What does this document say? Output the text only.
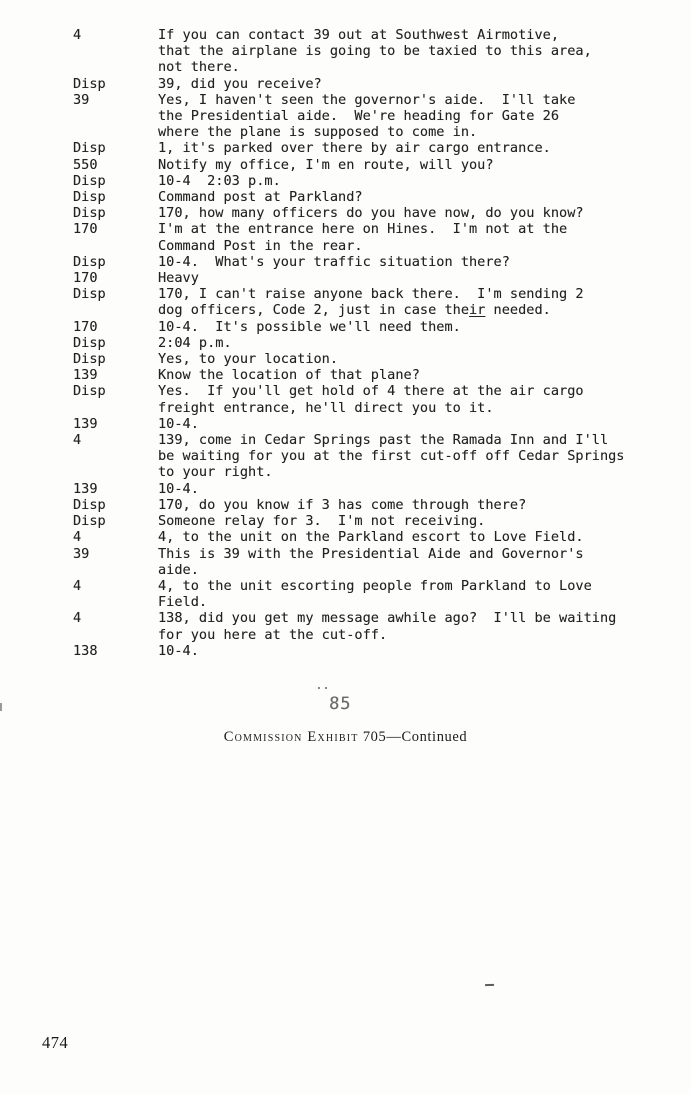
4	If you can contact 39 out at Southwest Airmotive,
that the airplane is going to be taxied to this area,
not there.
Disp	39, did you receive?
39	Yes, I haven't seen the governor's aide.  I'll take
the Presidential aide.  We're heading for Gate 26
where the plane is supposed to come in.
Disp	1, it's parked over there by air cargo entrance.
550	Notify my office, I'm en route, will you?
Disp	10-4  2:03 p.m.
Disp	Command post at Parkland?
Disp	170, how many officers do you have now, do you know?
170	I'm at the entrance here on Hines.  I'm not at the
Command Post in the rear.
Disp	10-4.  What's your traffic situation there?
170	Heavy
Disp	170, I can't raise anyone back there.  I'm sending 2
dog officers, Code 2, just in case their needed.
170	10-4.  It's possible we'll need them.
Disp	2:04 p.m.
Disp	Yes, to your location.
139	Know the location of that plane?
Disp	Yes.  If you'll get hold of 4 there at the air cargo
freight entrance, he'll direct you to it.
139	10-4.
4	139, come in Cedar Springs past the Ramada Inn and I'll
be waiting for you at the first cut-off off Cedar Springs
to your right.
139	10-4.
Disp	170, do you know if 3 has come through there?
Disp	Someone relay for 3.  I'm not receiving.
4	4, to the unit on the Parkland escort to Love Field.
39	This is 39 with the Presidential Aide and Governor's
aide.
4	4, to the unit escorting people from Parkland to Love
Field.
4	138, did you get my message awhile ago?  I'll be waiting
for you here at the cut-off.
138	10-4.
85
Commission Exhibit 705—Continued
474
